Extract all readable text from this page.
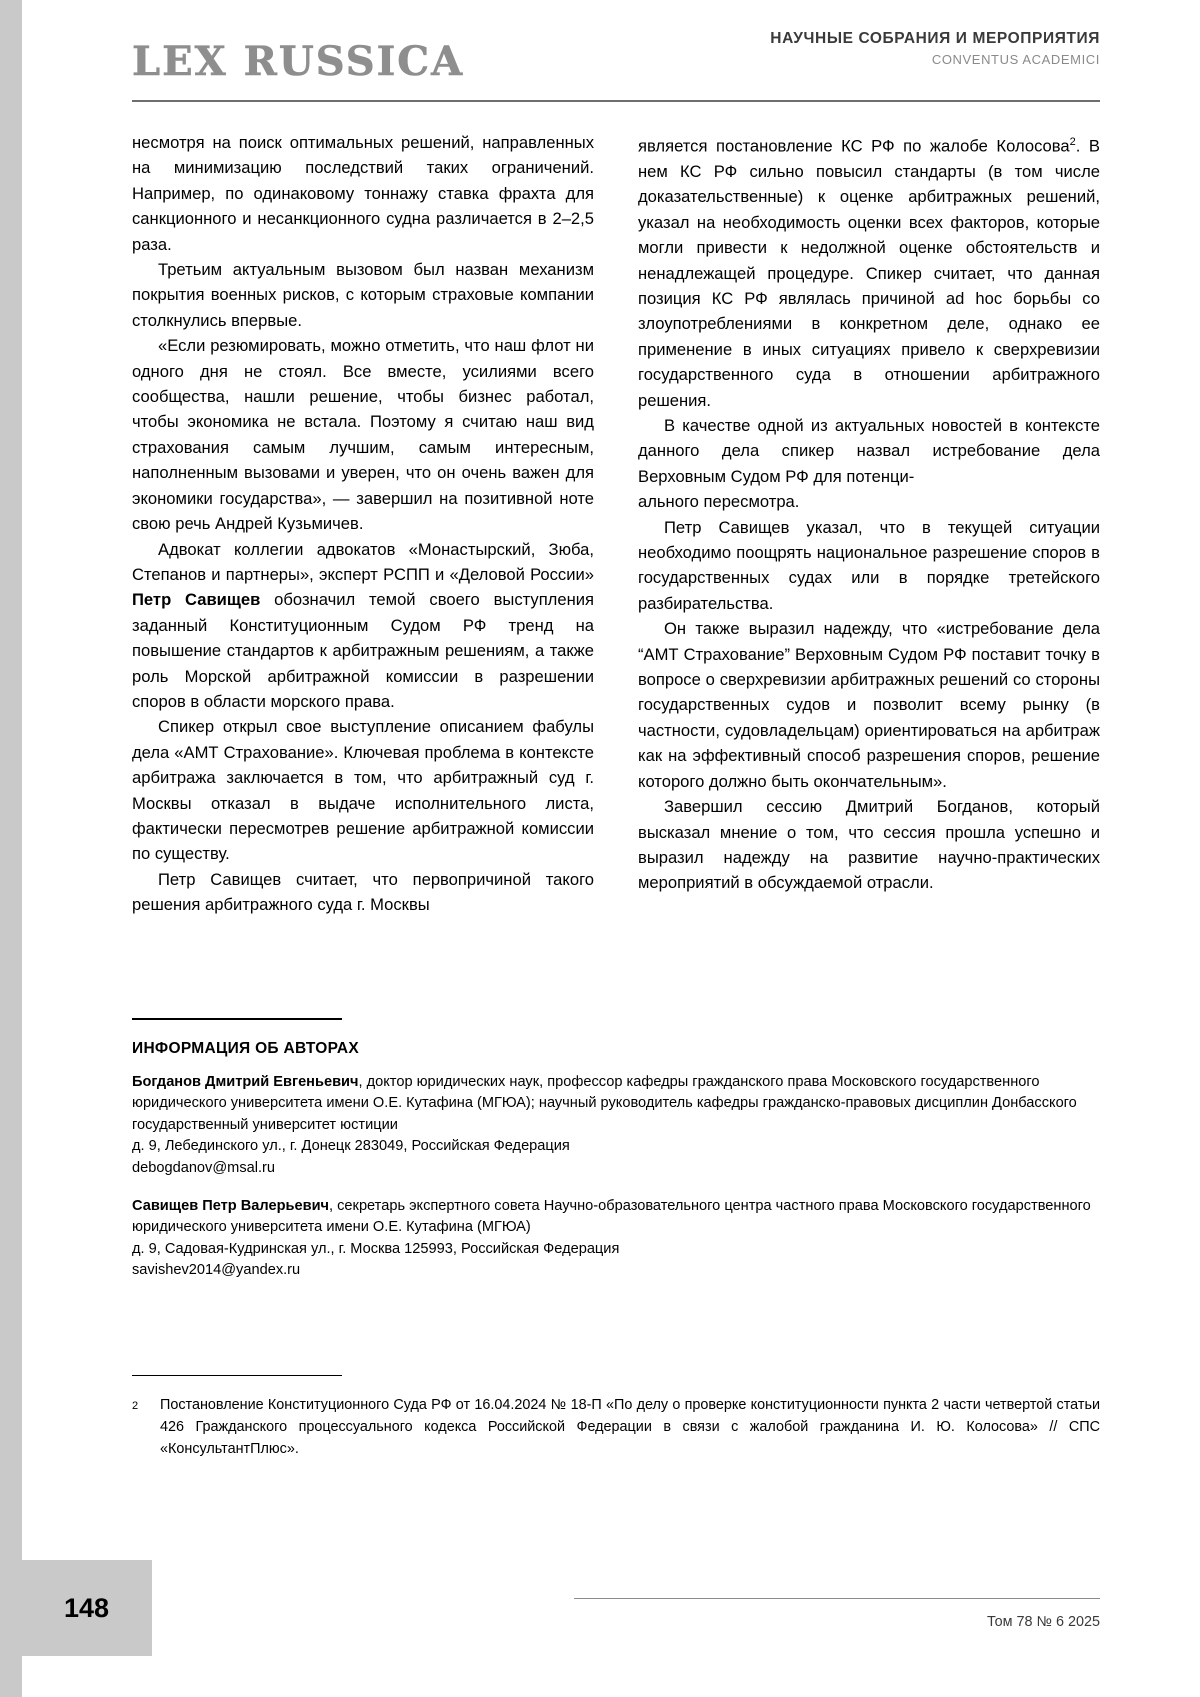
LEX RUSSICA	НАУЧНЫЕ СОБРАНИЯ И МЕРОПРИЯТИЯ
CONVENTUS ACADEMICI

несмотря на поиск оптимальных решений, направленных на минимизацию последствий таких ограничений. Например, по одинаковому тоннажу ставка фрахта для санкционного и несанкционного судна различается в 2–2,5 раза.

Третьим актуальным вызовом был назван механизм покрытия военных рисков, с которым страховые компании столкнулись впервые.

«Если резюмировать, можно отметить, что наш флот ни одного дня не стоял. Все вместе, усилиями всего сообщества, нашли решение, чтобы бизнес работал, чтобы экономика не встала. Поэтому я считаю наш вид страхования самым лучшим, самым интересным, наполненным вызовами и уверен, что он очень важен для экономики государства», — завершил на позитивной ноте свою речь Андрей Кузьмичев.

Адвокат коллегии адвокатов «Монастырский, Зюба, Степанов и партнеры», эксперт РСПП и «Деловой России» Петр Савищев обозначил темой своего выступления заданный Конституционным Судом РФ тренд на повышение стандартов к арбитражным решениям, а также роль Морской арбитражной комиссии в разрешении споров в области морского права.

Спикер открыл свое выступление описанием фабулы дела «АМТ Страхование». Ключевая проблема в контексте арбитража заключается в том, что арбитражный суд г. Москвы отказал в выдаче исполнительного листа, фактически пересмотрев решение арбитражной комиссии по существу.

Петр Савищев считает, что первопричиной такого решения арбитражного суда г. Москвы

является постановление КС РФ по жалобе Колосова$^2$. В нем КС РФ сильно повысил стандарты (в том числе доказательственные) к оценке арбитражных решений, указал на необходимость оценки всех факторов, которые могли привести к недолжной оценке обстоятельств и ненадлежащей процедуре. Спикер считает, что данная позиция КС РФ являлась причиной ad hoc борьбы со злоупотреблениями в конкретном деле, однако ее применение в иных ситуациях привело к сверхревизии государственного суда в отношении арбитражного решения.

В качестве одной из актуальных новостей в контексте данного дела спикер назвал истребование дела Верховным Судом РФ для потенци-

ального пересмотра.

Петр Савищев указал, что в текущей ситуации необходимо поощрять национальное разрешение споров в государственных судах или в порядке третейского разбирательства.

Он также выразил надежду, что «истребование дела “АМТ Страхование” Верховным Судом РФ поставит точку в вопросе о сверхревизии арбитражных решений со стороны государственных судов и позволит всему рынку (в частности, судовладельцам) ориентироваться на арбитраж как на эффективный способ разрешения споров, решение которого должно быть окончательным».

Завершил сессию Дмитрий Богданов, который высказал мнение о том, что сессия прошла успешно и выразил надежду на развитие научно-практических мероприятий в обсуждаемой отрасли.

ИНФОРМАЦИЯ ОБ АВТОРАХ

Богданов Дмитрий Евгеньевич, доктор юридических наук, профессор кафедры гражданского права Московского государственного юридического университета имени О.Е. Кутафина (МГЮА); научный руководитель кафедры гражданско-правовых дисциплин Донбасского государственный университет юстиции

д. 9, Лебединского ул., г. Донецк 283049, Российская Федерация

debogdanov@msal.ru

Савищев Петр Валерьевич, секретарь экспертного совета Научно-образовательного центра частного права Московского государственного юридического университета имени О.Е. Кутафина (МГЮА)

д. 9, Садовая-Кудринская ул., г. Москва 125993, Российская Федерация

savishev2014@yandex.ru

2	Постановление Конституционного Суда РФ от 16.04.2024 № 18-П «По делу о проверке конституционности пункта 2 части четвертой статьи 426 Гражданского процессуального кодекса Российской Федерации в связи с жалобой гражданина И. Ю. Колосова» // СПС «КонсультантПлюс».
148	Том 78 № 6 2025
